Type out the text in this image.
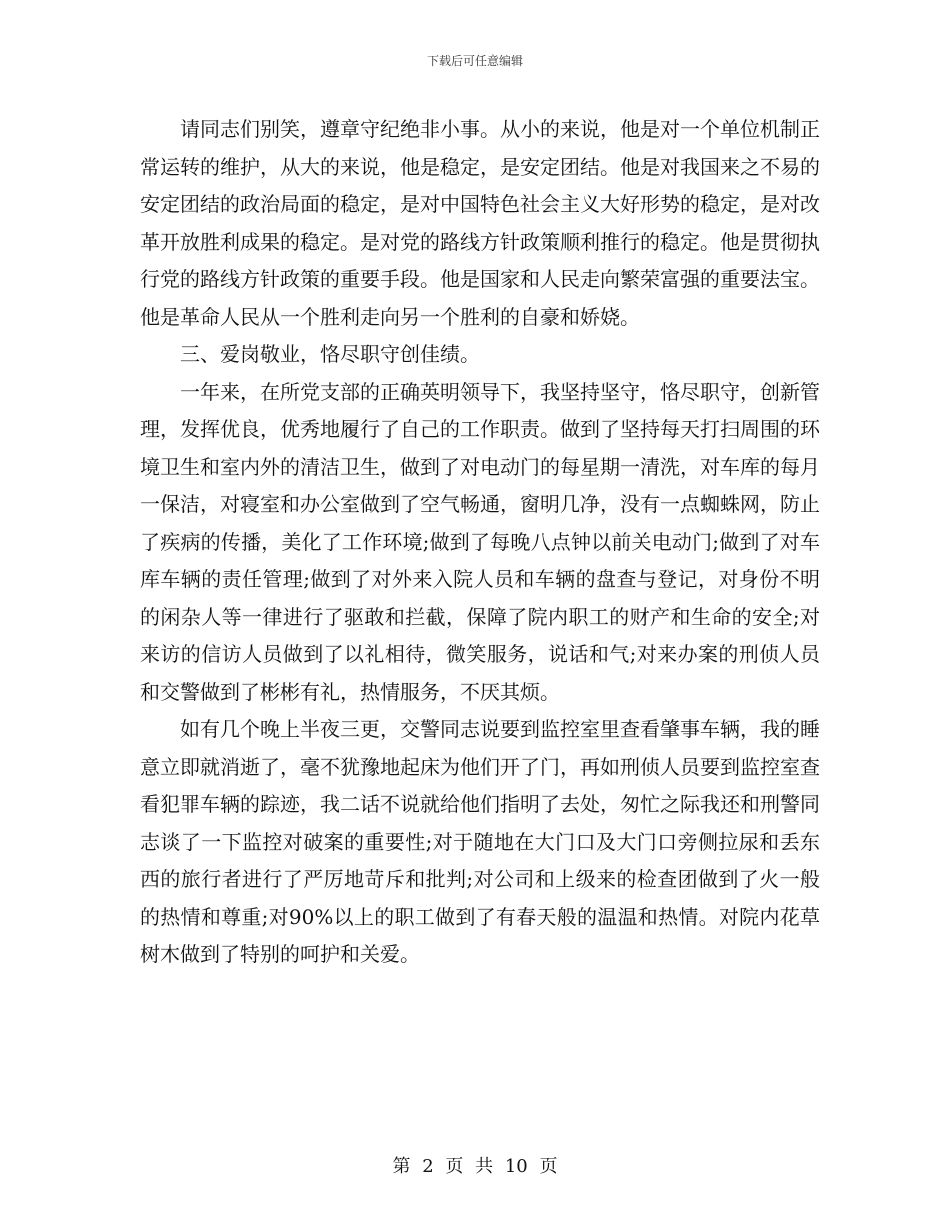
下载后可任意编辑

请同志们别笑，遵章守纪绝非小事。从小的来说，他是对一个单位机制正常运转的维护，从大的来说，他是稳定，是安定团结。他是对我国来之不易的安定团结的政治局面的稳定，是对中国特色社会主义大好形势的稳定，是对改革开放胜利成果的稳定。是对党的路线方针政策顺利推行的稳定。他是贯彻执行党的路线方针政策的重要手段。他是国家和人民走向繁荣富强的重要法宝。他是革命人民从一个胜利走向另一个胜利的自豪和娇娆。

三、爱岗敬业，恪尽职守创佳绩。

一年来，在所党支部的正确英明领导下，我坚持坚守，恪尽职守，创新管理，发挥优良，优秀地履行了自己的工作职责。做到了坚持每天打扫周围的环境卫生和室内外的清洁卫生，做到了对电动门的每星期一清洗，对车库的每月一保洁，对寝室和办公室做到了空气畅通，窗明几净，没有一点蜘蛛网，防止了疾病的传播，美化了工作环境;做到了每晚八点钟以前关电动门;做到了对车库车辆的责任管理;做到了对外来入院人员和车辆的盘查与登记，对身份不明的闲杂人等一律进行了驱敢和拦截，保障了院内职工的财产和生命的安全;对来访的信访人员做到了以礼相待，微笑服务，说话和气;对来办案的刑侦人员和交警做到了彬彬有礼，热情服务，不厌其烦。

如有几个晚上半夜三更，交警同志说要到监控室里查看肇事车辆，我的睡意立即就消逝了，毫不犹豫地起床为他们开了门，再如刑侦人员要到监控室查看犯罪车辆的踪迹，我二话不说就给他们指明了去处，匆忙之际我还和刑警同志谈了一下监控对破案的重要性;对于随地在大门口及大门口旁侧拉尿和丢东西的旅行者进行了严厉地苛斥和批判;对公司和上级来的检查团做到了火一般的热情和尊重;对90%以上的职工做到了有春天般的温温和热情。对院内花草树木做到了特别的呵护和关爱。

第 2 页 共 10 页
